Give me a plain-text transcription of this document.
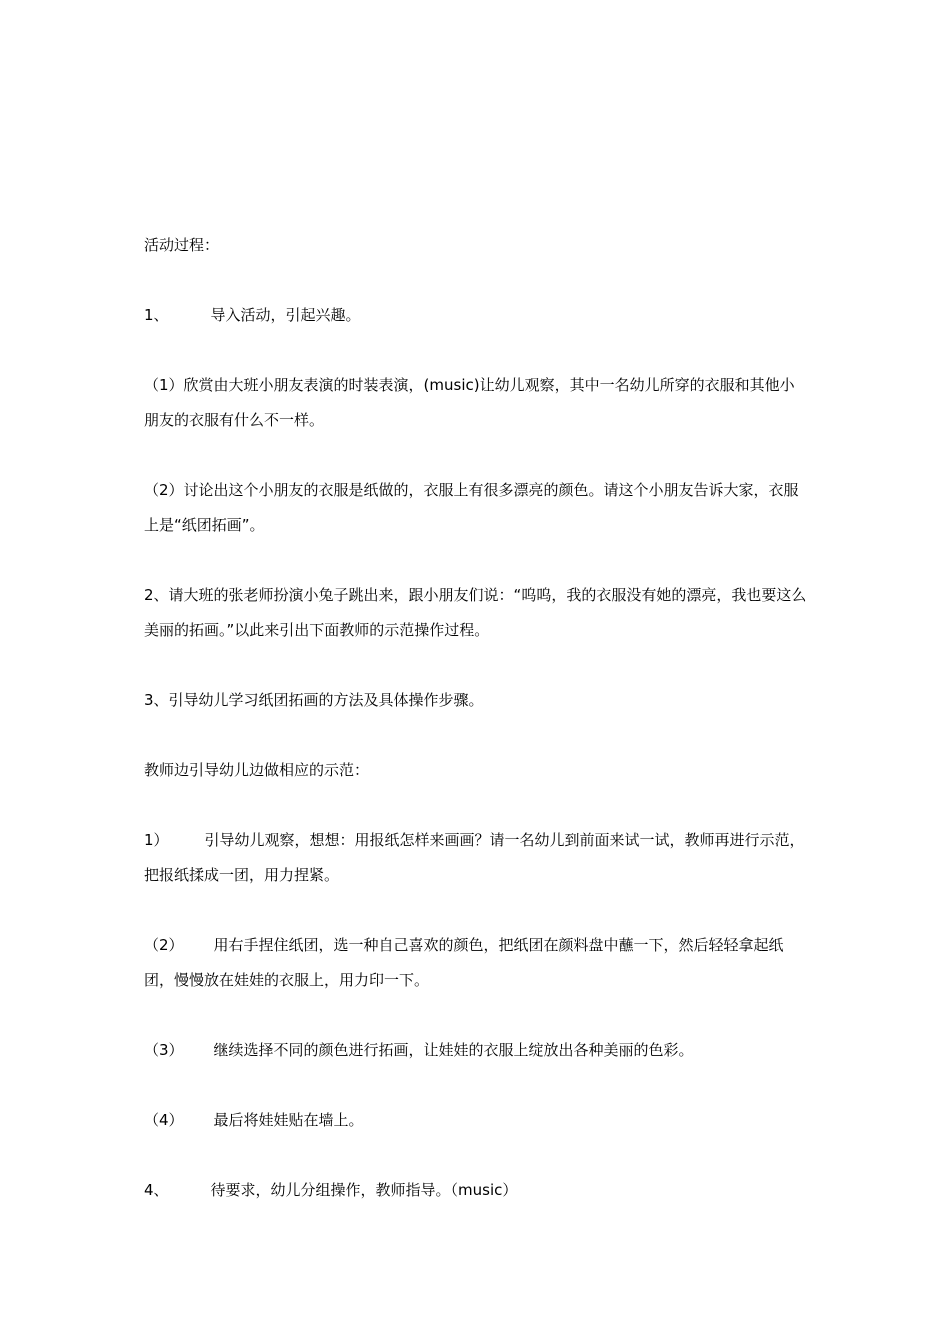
活动过程：

1、	导入活动，引起兴趣。

（1）欣赏由大班小朋友表演的时装表演，(music)让幼儿观察，其中一名幼儿所穿的衣服和其他小朋友的衣服有什么不一样。

（2）讨论出这个小朋友的衣服是纸做的，衣服上有很多漂亮的颜色。请这个小朋友告诉大家，衣服上是“纸团拓画”。

2、请大班的张老师扮演小兔子跳出来，跟小朋友们说：“呜呜，我的衣服没有她的漂亮，我也要这么美丽的拓画。”以此来引出下面教师的示范操作过程。

3、引导幼儿学习纸团拓画的方法及具体操作步骤。

教师边引导幼儿边做相应的示范：

1） 引导幼儿观察，想想：用报纸怎样来画画？请一名幼儿到前面来试一试，教师再进行示范，把报纸揉成一团，用力捏紧。

（2） 用右手捏住纸团，选一种自己喜欢的颜色，把纸团在颜料盘中蘸一下，然后轻轻拿起纸团，慢慢放在娃娃的衣服上，用力印一下。

（3） 继续选择不同的颜色进行拓画，让娃娃的衣服上绽放出各种美丽的色彩。

（4） 最后将娃娃贴在墙上。

4、	待要求，幼儿分组操作，教师指导。（music）
